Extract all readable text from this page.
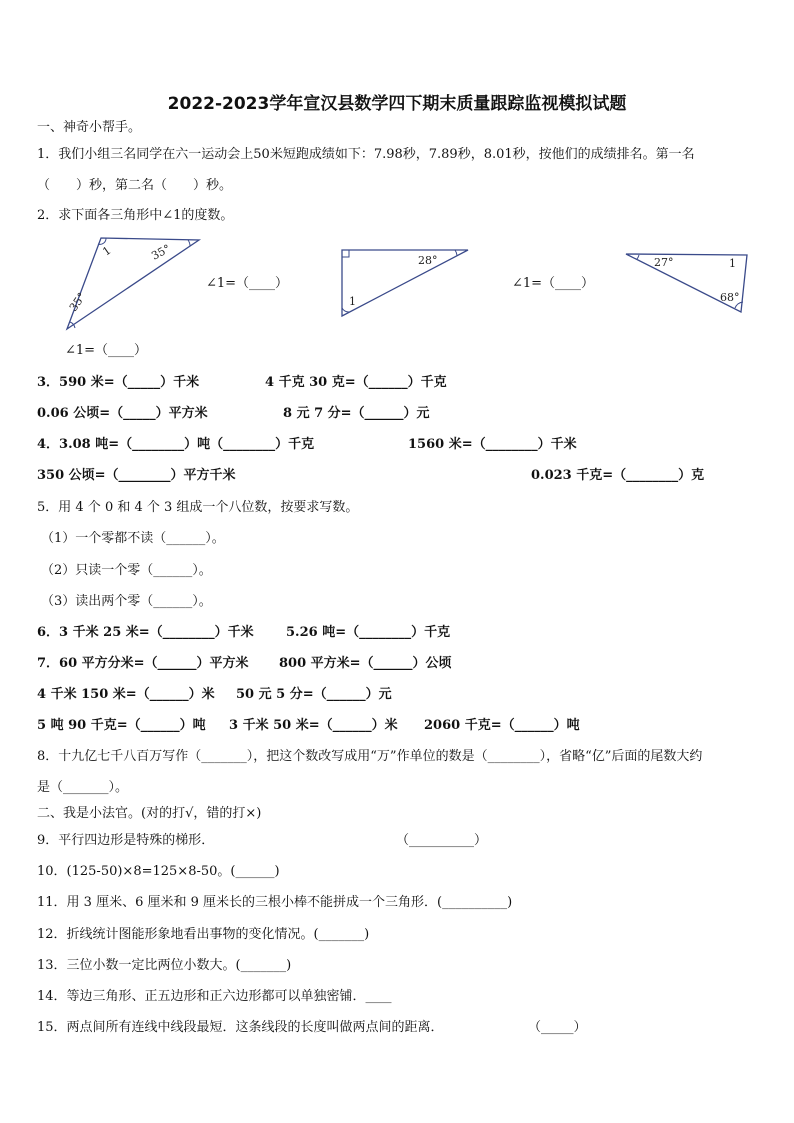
2022-2023学年宣汉县数学四下期末质量跟踪监视模拟试题
一、神奇小帮手。
1．我们小组三名同学在六一运动会上50米短跑成绩如下：7.98秒，7.89秒，8.01秒，按他们的成绩排名。第一名
（　　）秒，第二名（　　）秒。
2．求下面各三角形中∠1的度数。
1	35°
35°
∠1=（____）
28°
1
∠1=（____）
27°	1
68°
∠1=（____）
3．590 米=（_____）千米	4 千克 30 克=（______）千克
0.06 公顷=（_____）平方米	8 元 7 分=（______）元
4．3.08 吨=（________）吨（________）千克	1560 米=（________）千米
350 公顷=（________）平方千米	0.023 千克=（________）克
5．用 4 个 0 和 4 个 3 组成一个八位数，按要求写数。
（1）一个零都不读（______）。
（2）只读一个零（______）。
（3）读出两个零（______）。
6．3 千米 25 米=（________）千米 5.26 吨=（________）千克
7．60 平方分米=（______）平方米 800 平方米=（______）公顷
4 千米 150 米=（______）米 50 元 5 分=（______）元
5 吨 90 千克=（______）吨 3 千米 50 米=（______）米 2060 千克=（______）吨
8．十九亿七千八百万写作（_______），把这个数改写成用“万”作单位的数是（________），省略“亿”后面的尾数大约
是（_______）。
二、我是小法官。(对的打√，错的打×)
9．平行四边形是特殊的梯形．	（__________）
10．(125-50)×8=125×8-50。(______)
11．用 3 厘米、6 厘米和 9 厘米长的三根小棒不能拼成一个三角形．(__________)
12．折线统计图能形象地看出事物的变化情况。(_______)
13．三位小数一定比两位小数大。(_______)
14．等边三角形、正五边形和正六边形都可以单独密铺．____
15．两点间所有连线中线段最短．这条线段的长度叫做两点间的距离．	（_____）
